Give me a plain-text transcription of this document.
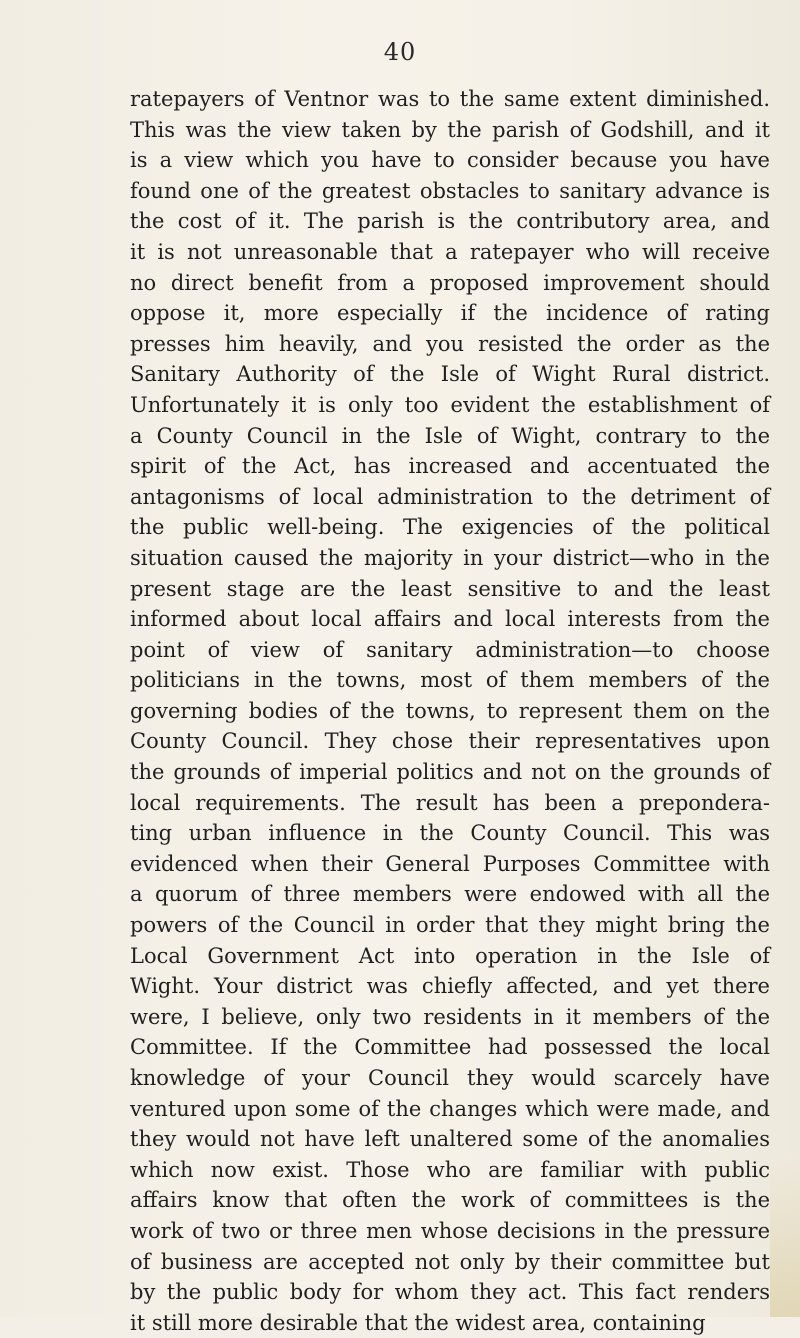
40
ratepayers of Ventnor was to the same extent diminished.
This was the view taken by the parish of Godshill, and it
is a view which you have to consider because you have
found one of the greatest obstacles to sanitary advance is
the cost of it. The parish is the contributory area, and
it is not unreasonable that a ratepayer who will receive
no direct benefit from a proposed improvement should
oppose it, more especially if the incidence of rating
presses him heavily, and you resisted the order as the
Sanitary Authority of the Isle of Wight Rural district.
Unfortunately it is only too evident the establishment of
a County Council in the Isle of Wight, contrary to the
spirit of the Act, has increased and accentuated the
antagonisms of local administration to the detriment of
the public well-being. The exigencies of the political
situation caused the majority in your district—who in the
present stage are the least sensitive to and the least
informed about local affairs and local interests from the
point of view of sanitary administration—to choose
politicians in the towns, most of them members of the
governing bodies of the towns, to represent them on the
County Council. They chose their representatives upon
the grounds of imperial politics and not on the grounds of
local requirements. The result has been a prepondera-
ting urban influence in the County Council. This was
evidenced when their General Purposes Committee with
a quorum of three members were endowed with all the
powers of the Council in order that they might bring the
Local Government Act into operation in the Isle of
Wight. Your district was chiefly affected, and yet there
were, I believe, only two residents in it members of the
Committee. If the Committee had possessed the local
knowledge of your Council they would scarcely have
ventured upon some of the changes which were made, and
they would not have left unaltered some of the anomalies
which now exist. Those who are familiar with public
affairs know that often the work of committees is the
work of two or three men whose decisions in the pressure
of business are accepted not only by their committee but
by the public body for whom they act. This fact renders
it still more desirable that the widest area, containing
